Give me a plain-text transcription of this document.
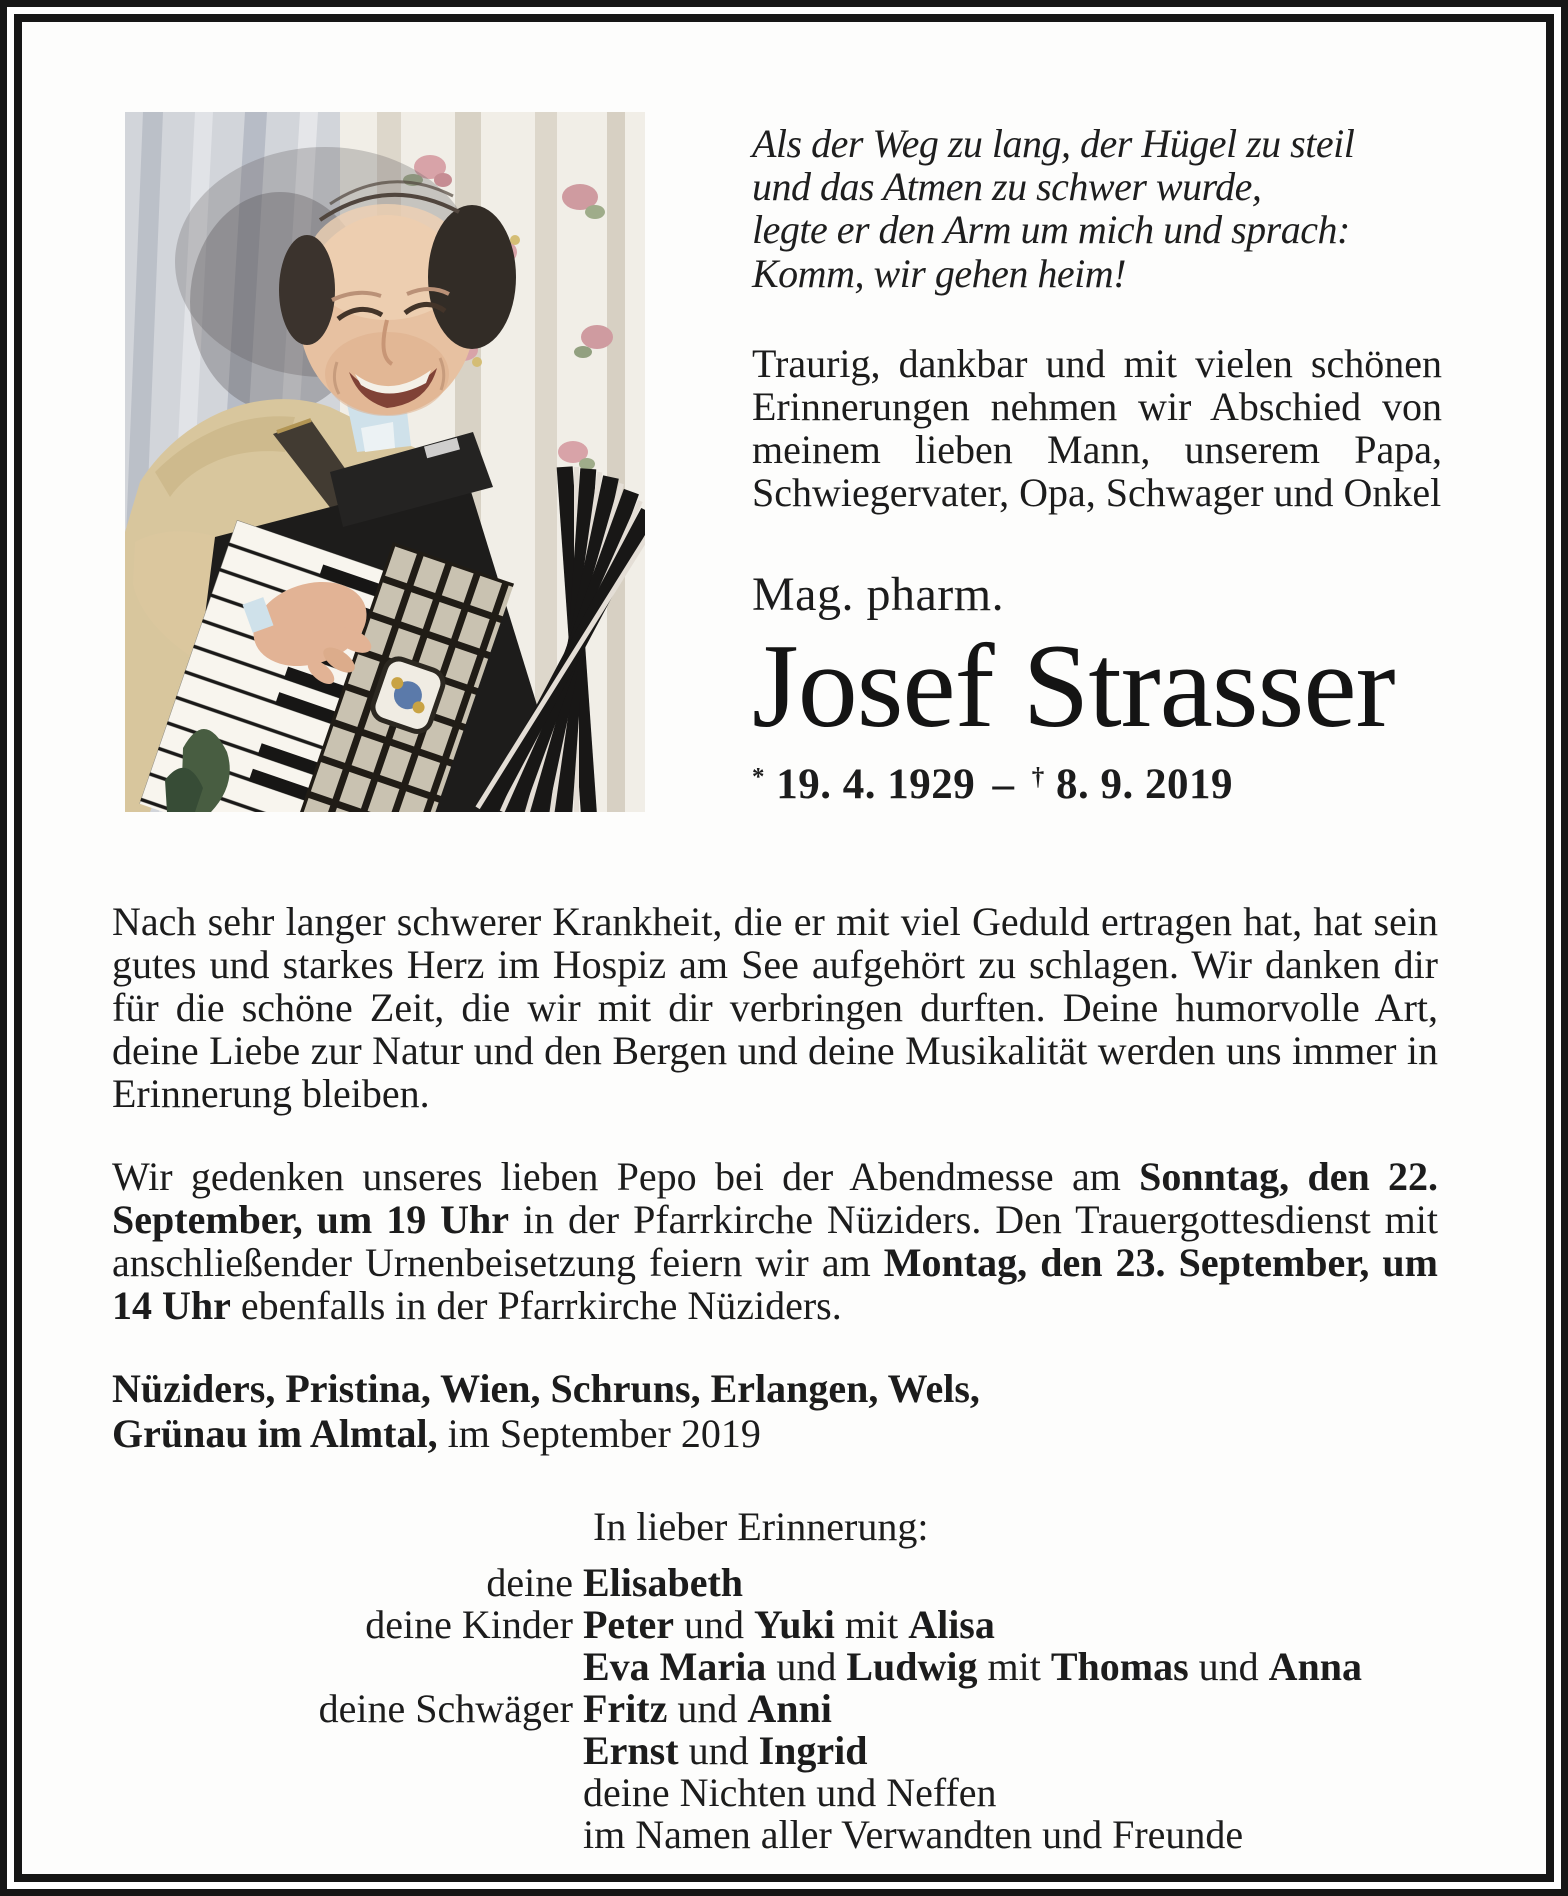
Als der Weg zu lang, der Hügel zu steil
und das Atmen zu schwer wurde,
legte er den Arm um mich und sprach:
Komm, wir gehen heim!
Traurig, dankbar und mit vielen schönen Erinnerungen nehmen wir Abschied von meinem lieben Mann, unserem Papa, Schwiegervater, Opa, Schwager und Onkel
Mag. pharm.
Josef Strasser
* 19. 4. 1929 – † 8. 9. 2019

Nach sehr langer schwerer Krankheit, die er mit viel Geduld ertragen hat, hat sein gutes und starkes Herz im Hospiz am See aufgehört zu schlagen. Wir danken dir für die schöne Zeit, die wir mit dir verbringen durften. Deine humorvolle Art, deine Liebe zur Natur und den Bergen und deine Musikalität werden uns immer in Erinnerung bleiben.

Wir gedenken unseres lieben Pepo bei der Abendmesse am Sonntag, den 22. September, um 19 Uhr in der Pfarrkirche Nüziders. Den Trauergottesdienst mit anschließender Urnenbeisetzung feiern wir am Montag, den 23. September, um 14 Uhr ebenfalls in der Pfarrkirche Nüziders.

Nüziders, Pristina, Wien, Schruns, Erlangen, Wels,
Grünau im Almtal, im September 2019
In lieber Erinnerung:
deine Elisabeth
deine Kinder Peter und Yuki mit Alisa
Eva Maria und Ludwig mit Thomas und Anna
deine Schwäger Fritz und Anni
Ernst und Ingrid
deine Nichten und Neffen
im Namen aller Verwandten und Freunde
